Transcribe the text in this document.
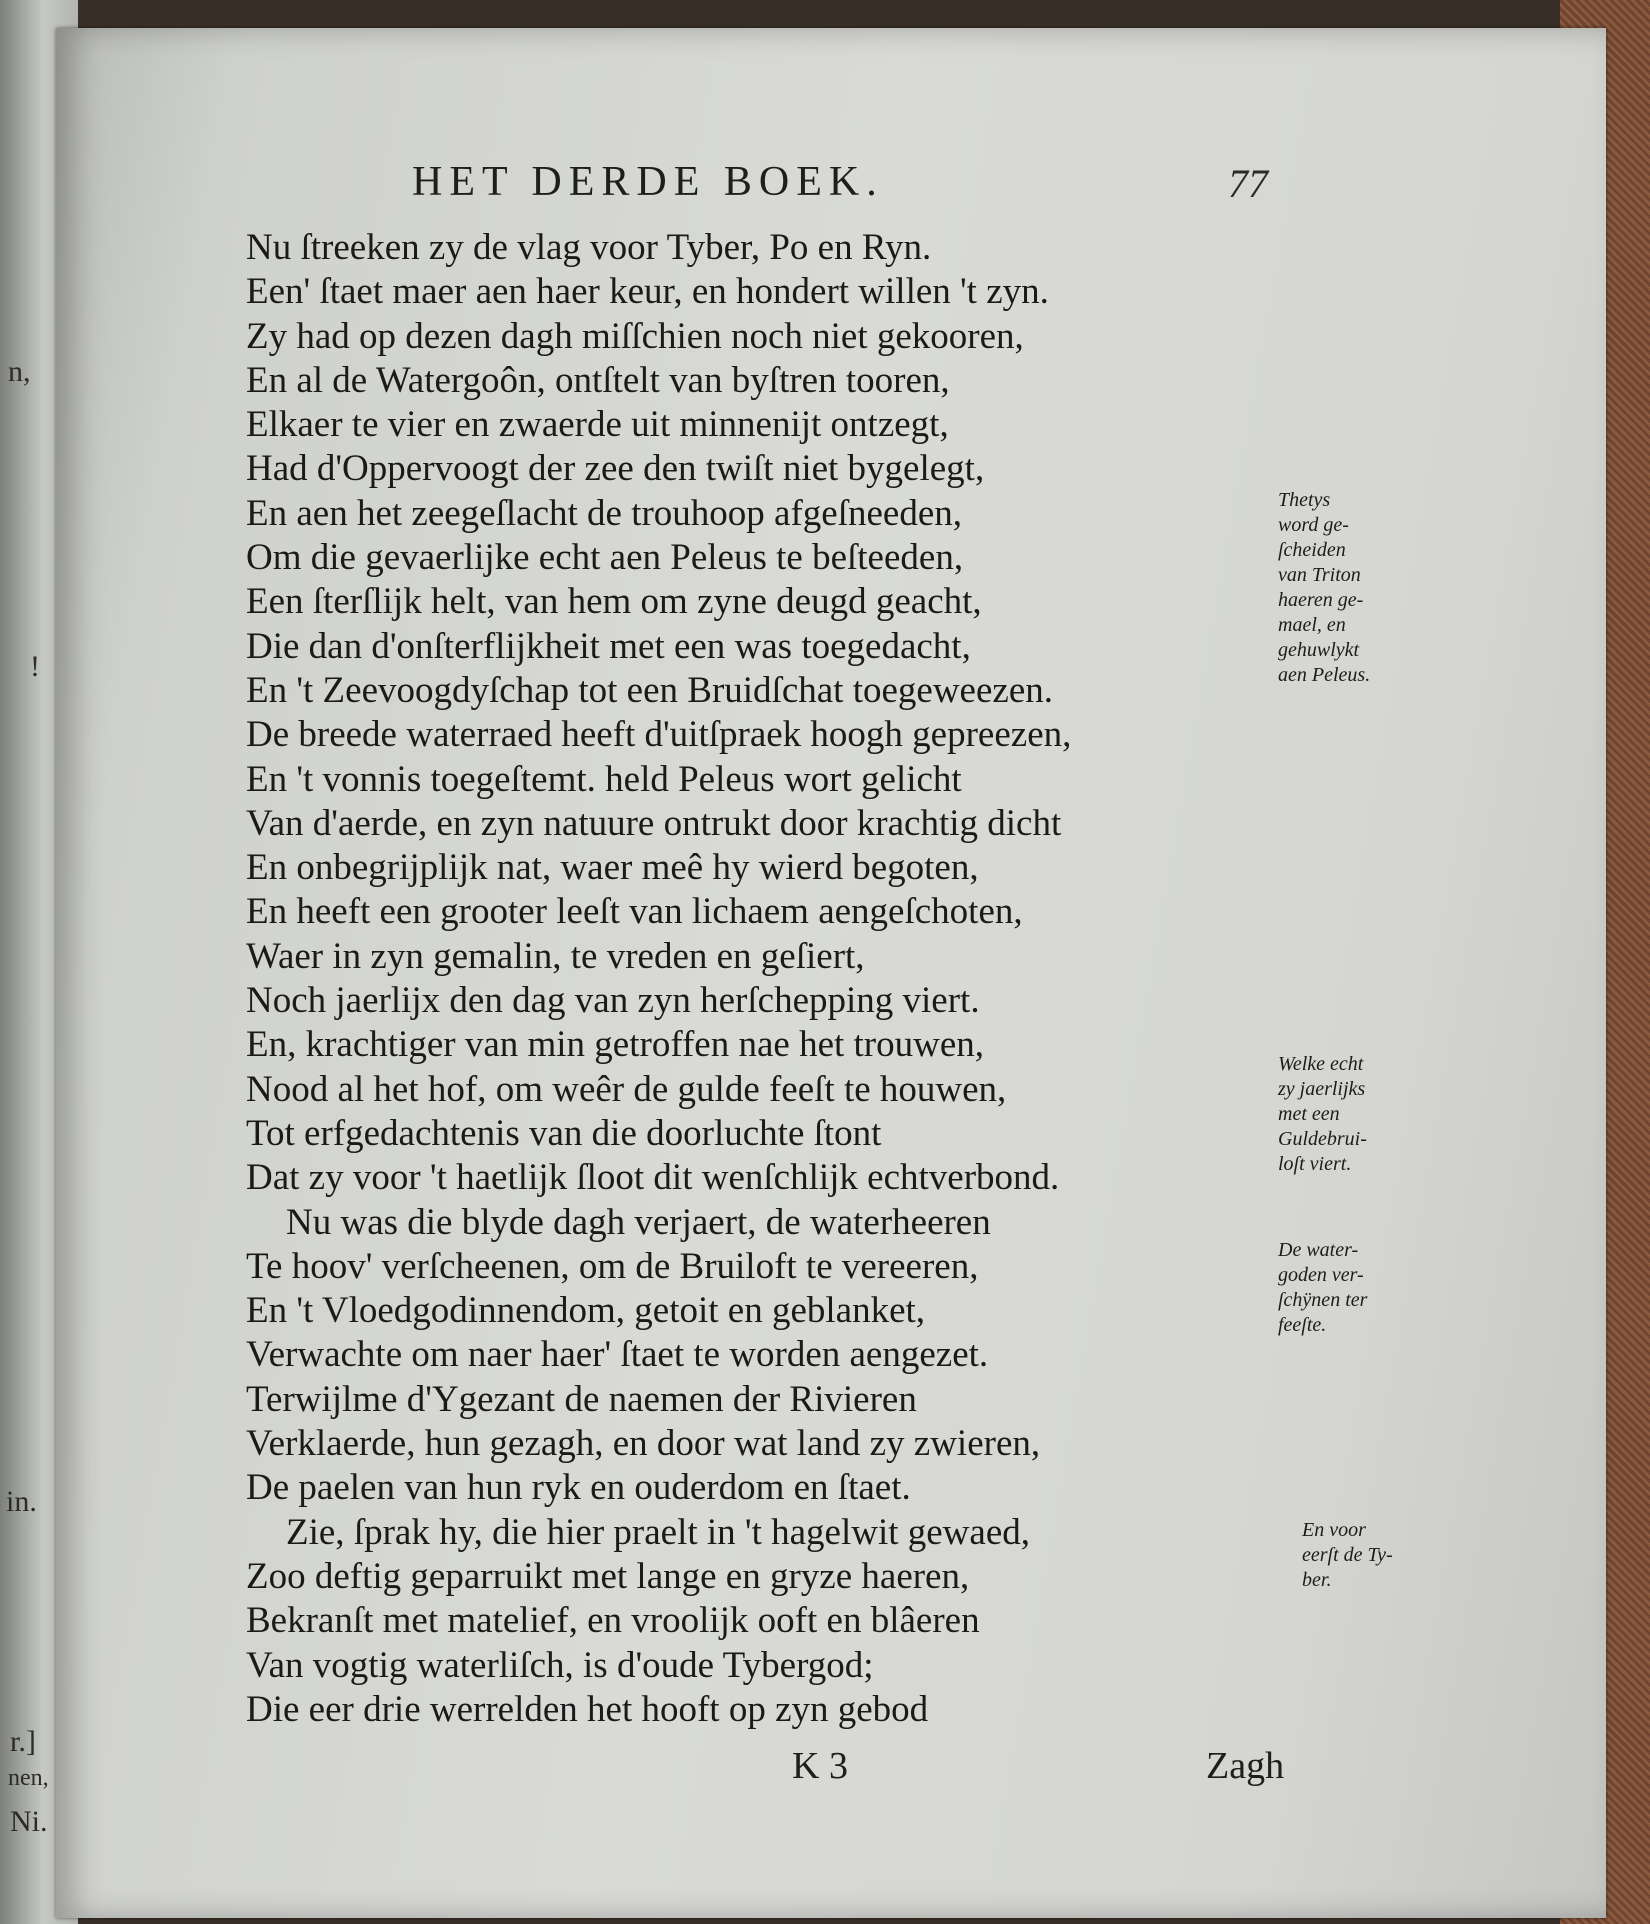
n,
!
in.
r.]
nen,
Ni.
HET DERDE BOEK.	77
Nu ſtreeken zy de vlag voor Tyber, Po en Ryn.
Een' ſtaet maer aen haer keur, en hondert willen 't zyn.
Zy had op dezen dagh miſſchien noch niet gekooren,
En al de Watergoôn, ontſtelt van byſtren tooren,
Elkaer te vier en zwaerde uit minnenijt ontzegt,
Had d'Oppervoogt der zee den twiſt niet bygelegt,
En aen het zeegeſlacht de trouhoop afgeſneeden,
Om die gevaerlijke echt aen Peleus te beſteeden,
Een ſterſlijk helt, van hem om zyne deugd geacht,
Die dan d'onſterflijkheit met een was toegedacht,
En 't Zeevoogdyſchap tot een Bruidſchat toegeweezen.
De breede waterraed heeft d'uitſpraek hoogh gepreezen,
En 't vonnis toegeſtemt. held Peleus wort gelicht
Van d'aerde, en zyn natuure ontrukt door krachtig dicht
En onbegrijplijk nat, waer meê hy wierd begoten,
En heeft een grooter leeſt van lichaem aengeſchoten,
Waer in zyn gemalin, te vreden en geſiert,
Noch jaerlijx den dag van zyn herſchepping viert.
En, krachtiger van min getroffen nae het trouwen,
Nood al het hof, om weêr de gulde feeſt te houwen,
Tot erfgedachtenis van die doorluchte ſtont
Dat zy voor 't haetlijk ſloot dit wenſchlijk echtverbond.
Nu was die blyde dagh verjaert, de waterheeren
Te hoov' verſcheenen, om de Bruiloft te vereeren,
En 't Vloedgodinnendom, getoit en geblanket,
Verwachte om naer haer' ſtaet te worden aengezet.
Terwijlme d'Ygezant de naemen der Rivieren
Verklaerde, hun gezagh, en door wat land zy zwieren,
De paelen van hun ryk en ouderdom en ſtaet.
Zie, ſprak hy, die hier praelt in 't hagelwit gewaed,
Zoo deftig geparruikt met lange en gryze haeren,
Bekranſt met matelief, en vroolijk ooft en blâeren
Van vogtig waterliſch, is d'oude Tybergod;
Die eer drie werrelden het hooft op zyn gebod
Thetys
word ge-
ſcheiden
van Triton
haeren ge-
mael, en
gehuwlykt
aen Peleus.
Welke echt
zy jaerlijks
met een
Guldebrui-
loſt viert.
De water-
goden ver-
ſchÿnen ter
feeſte.
En voor
eerſt de Ty-
ber.
K 3	Zagh
